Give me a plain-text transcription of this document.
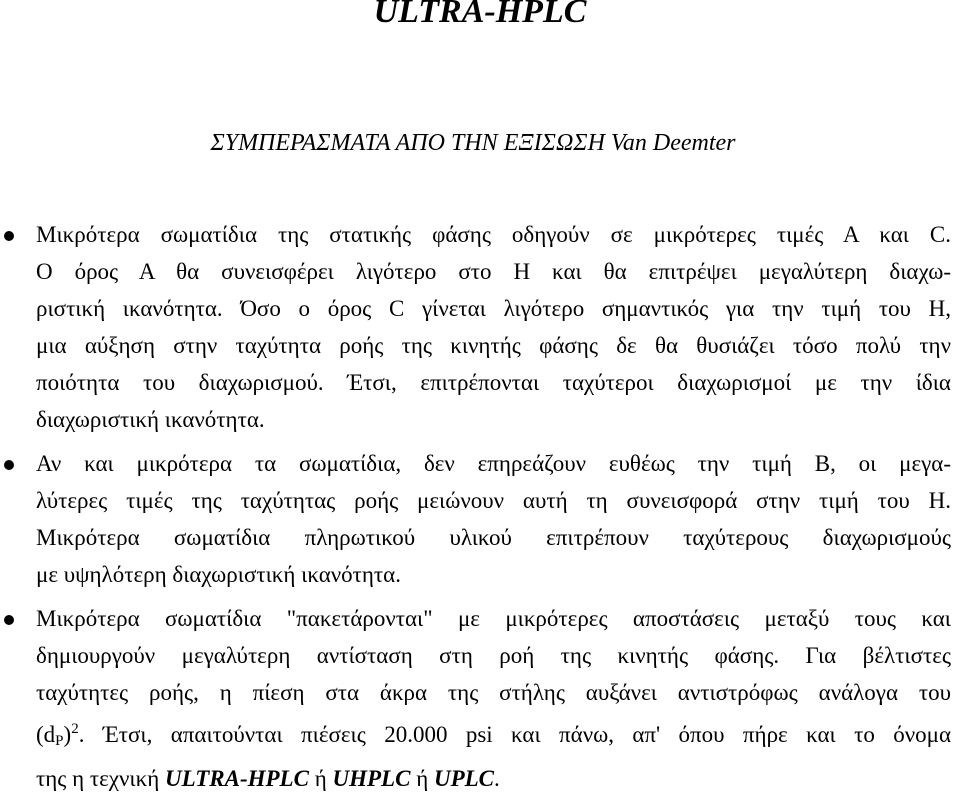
ULTRA-HPLC
ΣΥΜΠΕΡΑΣΜΑΤΑ ΑΠΟ ΤΗΝ ΕΞΙΣΩΣΗ Van Deemter
Μικρότερα σωματίδια της στατικής φάσης οδηγούν σε μικρότερες τιμές Α και C.
Ο όρος Α θα συνεισφέρει λιγότερο στο Η και θα επιτρέψει μεγαλύτερη διαχω-
ριστική ικανότητα. Όσο ο όρος C γίνεται λιγότερο σημαντικός για την τιμή του Η,
μια αύξηση στην ταχύτητα ροής της κινητής φάσης δε θα θυσιάζει τόσο πολύ την
ποιότητα του διαχωρισμού. Έτσι, επιτρέπονται ταχύτεροι διαχωρισμοί με την ίδια
διαχωριστική ικανότητα.
Αν και μικρότερα τα σωματίδια, δεν επηρεάζουν ευθέως την τιμή Β, οι μεγα-
λύτερες τιμές της ταχύτητας ροής μειώνουν αυτή τη συνεισφορά στην τιμή του Η.
Μικρότερα σωματίδια πληρωτικού υλικού επιτρέπουν ταχύτερους διαχωρισμούς
με υψηλότερη διαχωριστική ικανότητα.
Μικρότερα σωματίδια "πακετάρονται" με μικρότερες αποστάσεις μεταξύ τους και
δημιουργούν μεγαλύτερη αντίσταση στη ροή της κινητής φάσης. Για βέλτιστες
ταχύτητες ροής, η πίεση στα άκρα της στήλης αυξάνει αντιστρόφως ανάλογα του
$(d_P)^2$. Έτσι, απαιτούνται πιέσεις 20.000 psi και πάνω, απ' όπου πήρε και το όνομα
της η τεχνική ULTRA-HPLC ή UHPLC ή UPLC.
